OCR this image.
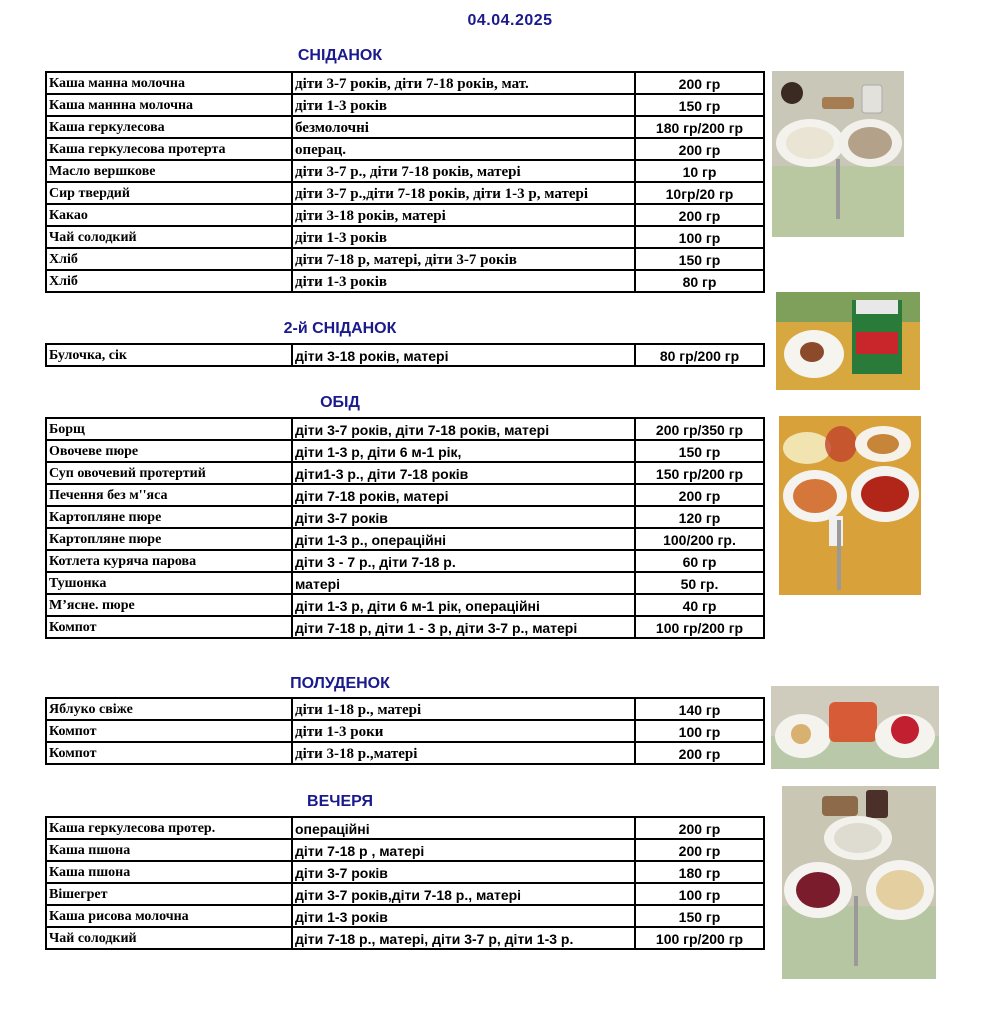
04.04.2025
СНІДАНОК
Каша манна молочна	діти 3-7 років, діти 7-18 років, мат.	200 гр
Каша маннна молочна	діти 1-3 років	150 гр
Каша геркулесова	безмолочні	180 гр/200 гр
Каша геркулесова протерта	операц.	200 гр
Масло вершкове	діти 3-7 р., діти 7-18 років, матері	10 гр
Сир твердий	діти 3-7 р.,діти 7-18 років, діти 1-3 р, матері	10гр/20 гр
Какао	діти 3-18 років, матері	200 гр
Чай солодкий	діти 1-3 років	100 гр
Хліб	діти 7-18 р, матері, діти 3-7 років	150 гр
Хліб	діти 1-3 років	80 гр
2-й СНІДАНОК
Булочка, сік	діти 3-18 років, матері	80 гр/200 гр
ОБІД
Борщ	діти 3-7 років, діти 7-18 років, матері	200 гр/350 гр
Овочеве пюре	діти 1-3 р, діти 6 м-1 рік,	150 гр
Суп овочевий протертий	діти1-3 р., діти 7-18 років	150 гр/200 гр
Печення без м''яса	діти 7-18 років, матері	200 гр
Картопляне пюре	діти 3-7 років	120 гр
Картопляне пюре	діти 1-3 р., операційні	100/200 гр.
Котлета куряча парова	діти 3 - 7 р., діти 7-18 р.	60 гр
Тушонка	матері	50 гр.
М’ясне. пюре	діти 1-3 р, діти 6 м-1 рік, операційні	40 гр
Компот	діти 7-18 р, діти 1 - 3 р, діти 3-7 р., матері	100 гр/200 гр
ПОЛУДЕНОК
Яблуко свіже	діти 1-18 р., матері	140 гр
Компот	діти 1-3 роки	100 гр
Компот	діти 3-18 р.,матері	200 гр
ВЕЧЕРЯ
Каша геркулесова протер.	операційні	200 гр
Каша пшона	діти 7-18 р , матері	200 гр
Каша пшона	діти 3-7 років	180 гр
Вішегрет	діти 3-7 років,діти 7-18 р., матері	100 гр
Каша рисова молочна	діти 1-3 років	150 гр
Чай солодкий	діти 7-18 р., матері, діти 3-7 р, діти 1-3 р.	100 гр/200 гр
